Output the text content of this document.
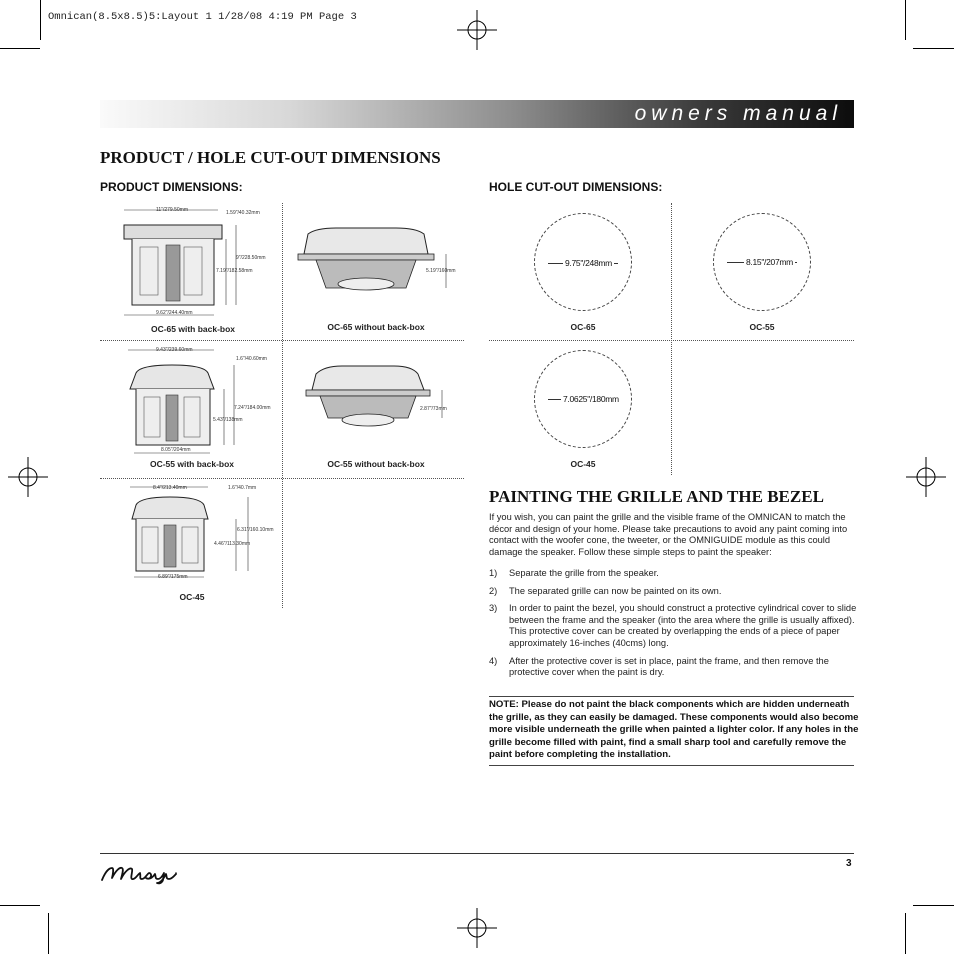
Omnican(8.5x8.5)5:Layout 1 1/28/08 4:19 PM Page 3
owners manual
PRODUCT / HOLE CUT-OUT DIMENSIONS
PRODUCT DIMENSIONS:	HOLE CUT-OUT DIMENSIONS:
11"/279.50mm	1.59"/40.32mm
9"/228.50mm
7.19"/182.58mm
9.62"/244.40mm
OC-65 with back-box
5.19"/160mm
OC-65 without back-box
9.43"/239.60mm
1.6"/40.60mm
7.24"/184.00mm
5.43"/138mm
8.05"/204mm
OC-55 with back-box
2.87"/73mm
OC-55 without back-box
8.4"/213.40mm	1.6"/40.7mm
6.31"/160.10mm
4.46"/113.30mm
6.89"/175mm
OC-45
9.75"/248mm
OC-65
8.15"/207mm
OC-55
7.0625"/180mm
OC-45
PAINTING THE GRILLE AND THE BEZEL
If you wish, you can paint the grille and the visible frame of the OMNICAN to match the décor and design of your home. Please take precautions to avoid any paint coming into contact with the woofer cone, the tweeter, or the OMNIGUIDE module as this could damage the speaker. Follow these simple steps to paint the speaker:
1)	Separate the grille from the speaker.
2)	The separated grille can now be painted on its own.
3)	In order to paint the bezel, you should construct a protective cylindrical cover to slide between the frame and the speaker (into the area where the grille is usually affixed). This protective cover can be created by overlapping the ends of a piece of paper approximately 16-inches (40cms) long.
4)	After the protective cover is set in place, paint the frame, and then remove the protective cover when the paint is dry.
NOTE: Please do not paint the black components which are hidden underneath the grille, as they can easily be damaged. These components would also become more visible underneath the grille when painted a lighter color. If any holes in the grille become filled with paint, find a small sharp tool and carefully remove the paint before completing the installation.
3
